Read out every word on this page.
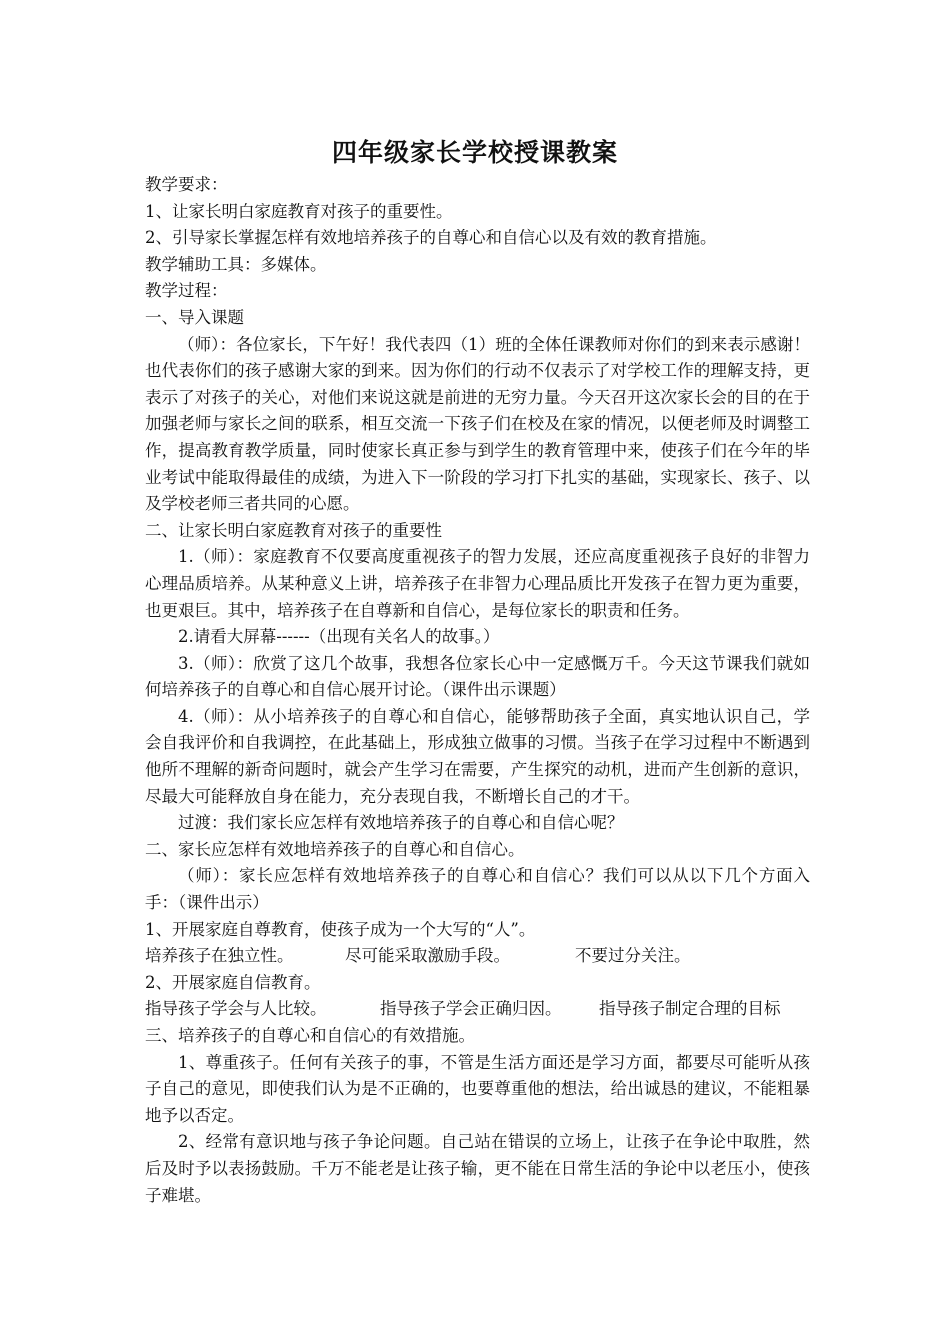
四年级家长学校授课教案

教学要求：

1、让家长明白家庭教育对孩子的重要性。

2、引导家长掌握怎样有效地培养孩子的自尊心和自信心以及有效的教育措施。

教学辅助工具：多媒体。

教学过程：

一、导入课题

（师）：各位家长，下午好！我代表四（1）班的全体任课教师对你们的到来表示感谢！也代表你们的孩子感谢大家的到来。因为你们的行动不仅表示了对学校工作的理解支持，更表示了对孩子的关心，对他们来说这就是前进的无穷力量。今天召开这次家长会的目的在于加强老师与家长之间的联系，相互交流一下孩子们在校及在家的情况，以便老师及时调整工作，提高教育教学质量，同时使家长真正参与到学生的教育管理中来，使孩子们在今年的毕业考试中能取得最佳的成绩，为进入下一阶段的学习打下扎实的基础，实现家长、孩子、以及学校老师三者共同的心愿。

二、让家长明白家庭教育对孩子的重要性

1.（师）：家庭教育不仅要高度重视孩子的智力发展，还应高度重视孩子良好的非智力心理品质培养。从某种意义上讲，培养孩子在非智力心理品质比开发孩子在智力更为重要，也更艰巨。其中，培养孩子在自尊新和自信心，是每位家长的职责和任务。

2.请看大屏幕------（出现有关名人的故事。）

3.（师）：欣赏了这几个故事，我想各位家长心中一定感慨万千。今天这节课我们就如何培养孩子的自尊心和自信心展开讨论。（课件出示课题）

4.（师）：从小培养孩子的自尊心和自信心，能够帮助孩子全面，真实地认识自己，学会自我评价和自我调控，在此基础上，形成独立做事的习惯。当孩子在学习过程中不断遇到他所不理解的新奇问题时，就会产生学习在需要，产生探究的动机，进而产生创新的意识，尽最大可能释放自身在能力，充分表现自我，不断增长自己的才干。

过渡：我们家长应怎样有效地培养孩子的自尊心和自信心呢？

二、家长应怎样有效地培养孩子的自尊心和自信心。

（师）：家长应怎样有效地培养孩子的自尊心和自信心？我们可以从以下几个方面入手：（课件出示）

1、开展家庭自尊教育，使孩子成为一个大写的“人”。

培养孩子在独立性。	尽可能采取激励手段。	不要过分关注。

2、开展家庭自信教育。

指导孩子学会与人比较。	指导孩子学会正确归因。	指导孩子制定合理的目标

三、培养孩子的自尊心和自信心的有效措施。

1、尊重孩子。任何有关孩子的事，不管是生活方面还是学习方面，都要尽可能听从孩子自己的意见，即使我们认为是不正确的，也要尊重他的想法，给出诚恳的建议，不能粗暴地予以否定。

2、经常有意识地与孩子争论问题。自己站在错误的立场上，让孩子在争论中取胜，然后及时予以表扬鼓励。千万不能老是让孩子输，更不能在日常生活的争论中以老压小，使孩子难堪。
